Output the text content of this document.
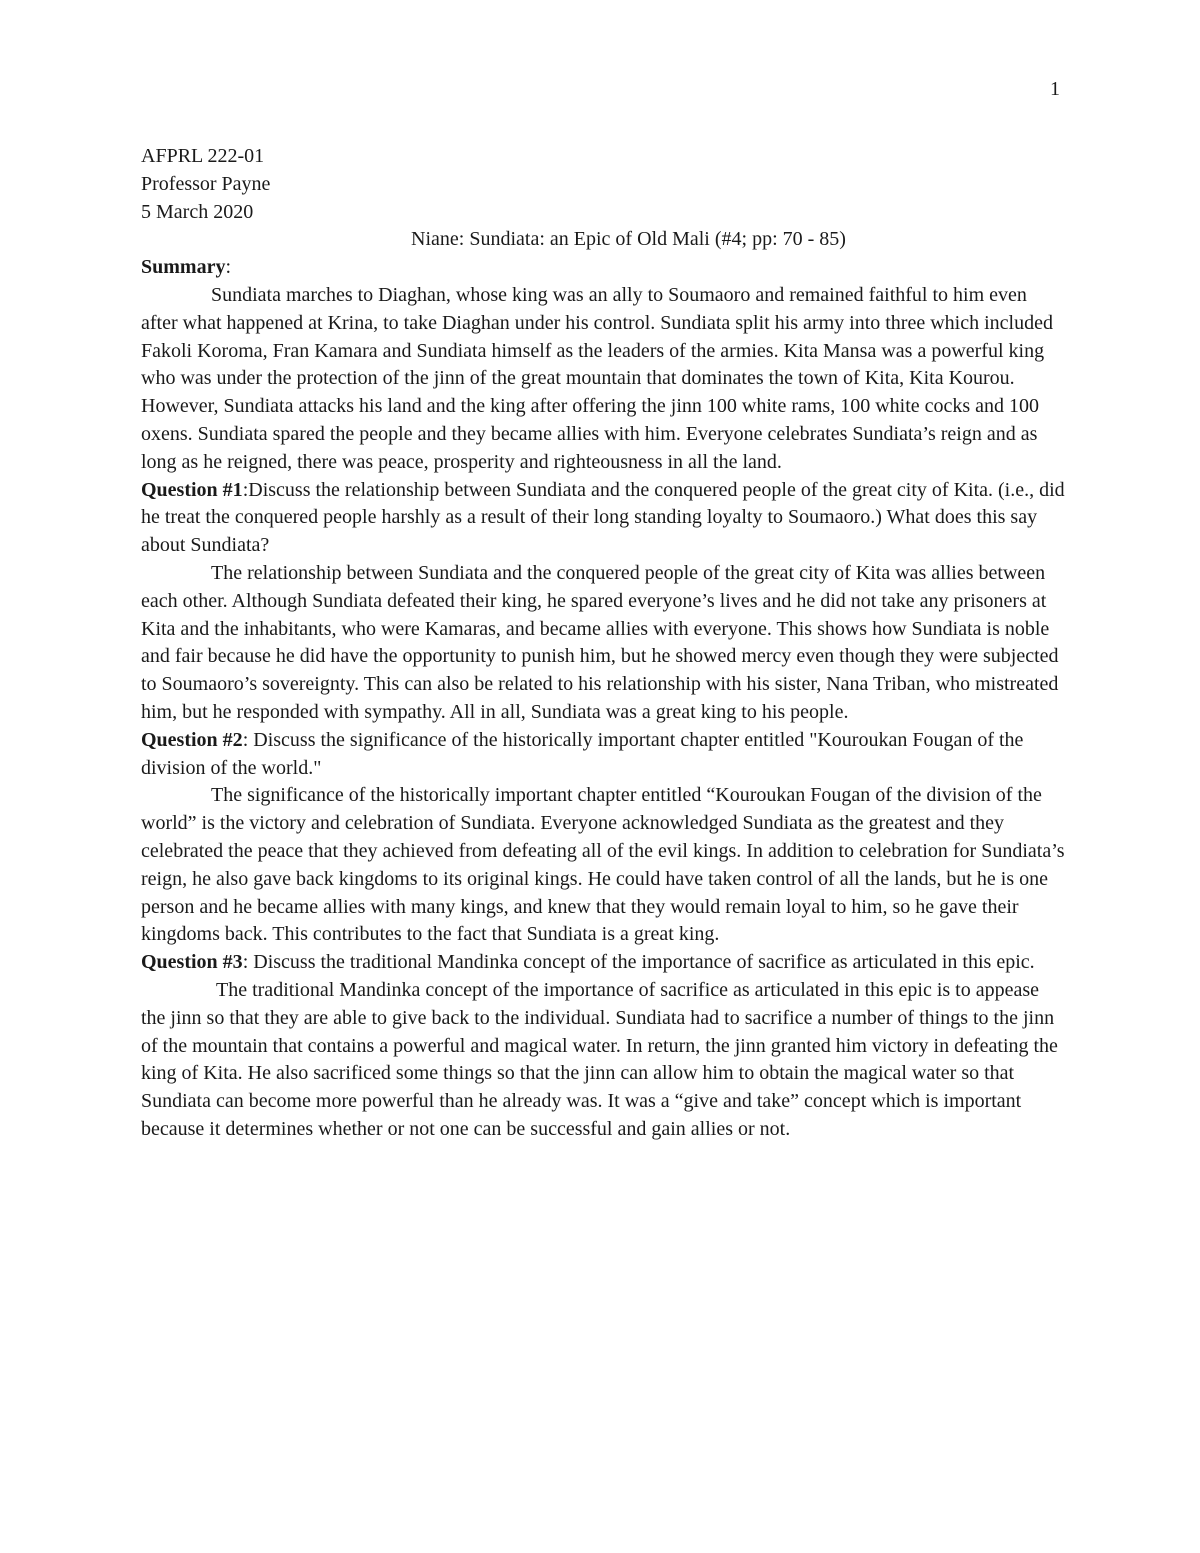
1

AFPRL 222-01

Professor Payne

5 March 2020

Niane: Sundiata: an Epic of Old Mali (#4; pp: 70 - 85)

Summary:

Sundiata marches to Diaghan, whose king was an ally to Soumaoro and remained faithful to him even after what happened at Krina, to take Diaghan under his control. Sundiata split his army into three which included Fakoli Koroma, Fran Kamara and Sundiata himself as the leaders of the armies. Kita Mansa was a powerful king who was under the protection of the jinn of the great mountain that dominates the town of Kita, Kita Kourou. However, Sundiata attacks his land and the king after offering the jinn 100 white rams, 100 white cocks and 100 oxens. Sundiata spared the people and they became allies with him. Everyone celebrates Sundiata’s reign and as long as he reigned, there was peace, prosperity and righteousness in all the land.

Question #1:Discuss the relationship between Sundiata and the conquered people of the great city of Kita. (i.e., did he treat the conquered people harshly as a result of their long standing loyalty to Soumaoro.) What does this say about Sundiata?

The relationship between Sundiata and the conquered people of the great city of Kita was allies between each other. Although Sundiata defeated their king, he spared everyone’s lives and he did not take any prisoners at Kita and the inhabitants, who were Kamaras, and became allies with everyone. This shows how Sundiata is noble and fair because he did have the opportunity to punish him, but he showed mercy even though they were subjected to Soumaoro’s sovereignty. This can also be related to his relationship with his sister, Nana Triban, who mistreated him, but he responded with sympathy. All in all, Sundiata was a great king to his people.

Question #2: Discuss the significance of the historically important chapter entitled "Kouroukan Fougan of the division of the world."

The significance of the historically important chapter entitled “Kouroukan Fougan of the division of the world” is the victory and celebration of Sundiata. Everyone acknowledged Sundiata as the greatest and they celebrated the peace that they achieved from defeating all of the evil kings. In addition to celebration for Sundiata’s reign, he also gave back kingdoms to its original kings. He could have taken control of all the lands, but he is one person and he became allies with many kings, and knew that they would remain loyal to him, so he gave their kingdoms back. This contributes to the fact that Sundiata is a great king.

Question #3: Discuss the traditional Mandinka concept of the importance of sacrifice as articulated in this epic.

The traditional Mandinka concept of the importance of sacrifice as articulated in this epic is to appease the jinn so that they are able to give back to the individual. Sundiata had to sacrifice a number of things to the jinn of the mountain that contains a powerful and magical water. In return, the jinn granted him victory in defeating the king of Kita. He also sacrificed some things so that the jinn can allow him to obtain the magical water so that Sundiata can become more powerful than he already was. It was a “give and take” concept which is important because it determines whether or not one can be successful and gain allies or not.
